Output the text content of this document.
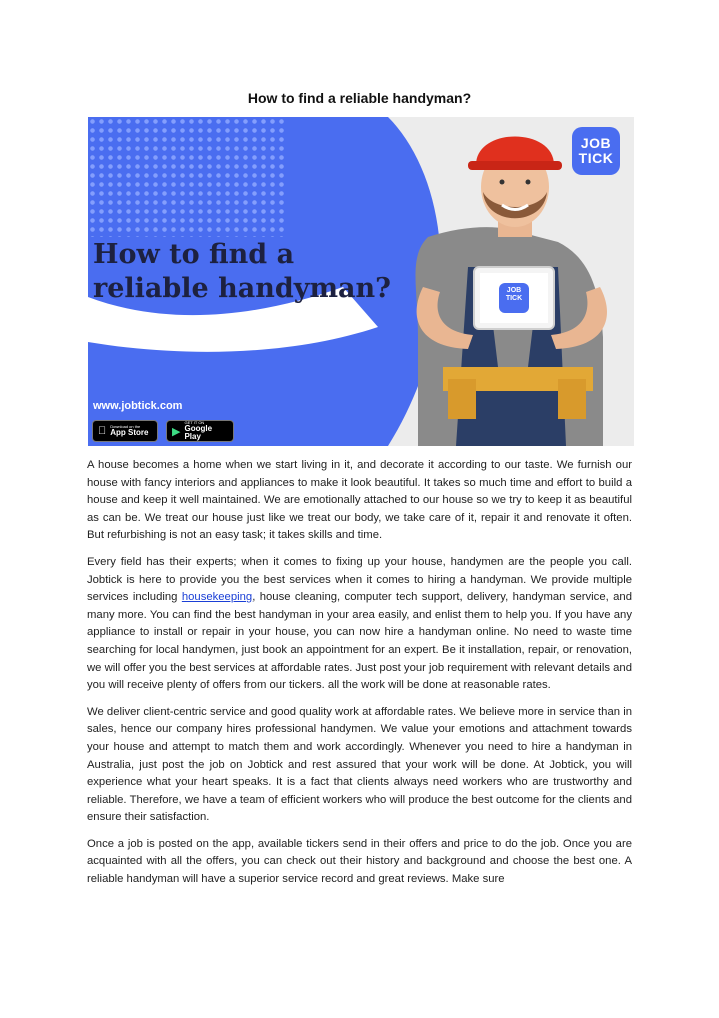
How to find a reliable handyman?
JOB
TICK
JOB
TICK
How to find a
reliable handyman?
www.jobtick.com
Download on the
App Store	▶
GET IT ON
Google Play

A house becomes a home when we start living in it, and decorate it according to our taste. We furnish our house with fancy interiors and appliances to make it look beautiful. It takes so much time and effort to build a house and keep it well maintained. We are emotionally attached to our house so we try to keep it as beautiful as can be. We treat our house just like we treat our body, we take care of it, repair it and renovate it often. But refurbishing is not an easy task; it takes skills and time.

Every field has their experts; when it comes to fixing up your house, handymen are the people you call. Jobtick is here to provide you the best services when it comes to hiring a handyman. We provide multiple services including housekeeping, house cleaning, computer tech support, delivery, handyman service, and many more. You can find the best handyman in your area easily, and enlist them to help you. If you have any appliance to install or repair in your house, you can now hire a handyman online. No need to waste time searching for local handymen, just book an appointment for an expert. Be it installation, repair, or renovation, we will offer you the best services at affordable rates. Just post your job requirement with relevant details and you will receive plenty of offers from our tickers. all the work will be done at reasonable rates.

We deliver client-centric service and good quality work at affordable rates. We believe more in service than in sales, hence our company hires professional handymen. We value your emotions and attachment towards your house and attempt to match them and work accordingly. Whenever you need to hire a handyman in Australia, just post the job on Jobtick and rest assured that your work will be done. At Jobtick, you will experience what your heart speaks. It is a fact that clients always need workers who are trustworthy and reliable. Therefore, we have a team of efficient workers who will produce the best outcome for the clients and ensure their satisfaction.

Once a job is posted on the app, available tickers send in their offers and price to do the job. Once you are acquainted with all the offers, you can check out their history and background and choose the best one. A reliable handyman will have a superior service record and great reviews. Make sure
